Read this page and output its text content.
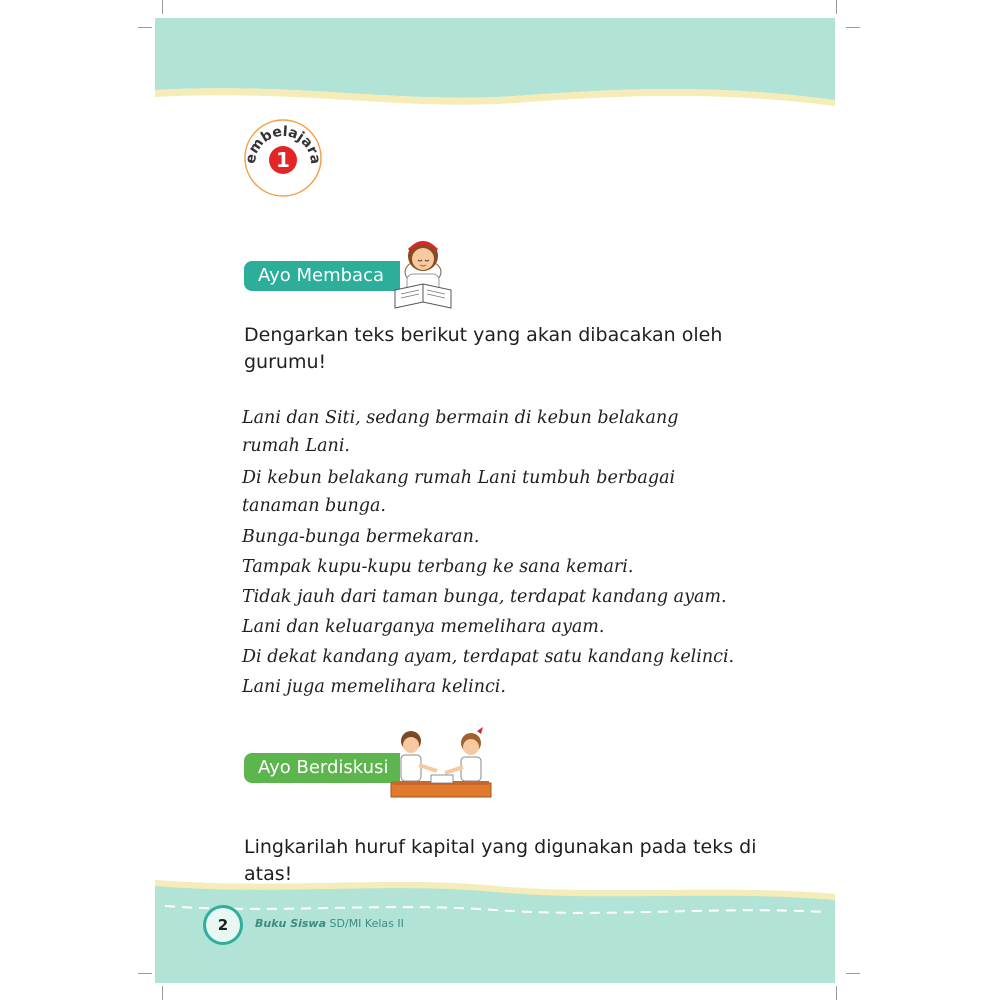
embelajara
1
Ayo Membaca
Dengarkan teks berikut yang akan dibacakan oleh gurumu!
Lani dan Siti, sedang bermain di kebun belakang rumah Lani.
Di kebun belakang rumah Lani tumbuh berbagai tanaman bunga.
Bunga-bunga bermekaran.
Tampak kupu-kupu terbang ke sana kemari.
Tidak jauh dari taman bunga, terdapat kandang ayam.
Lani dan keluarganya memelihara ayam.
Di dekat kandang ayam, terdapat satu kandang kelinci.
Lani juga memelihara kelinci.
Ayo Berdiskusi
Lingkarilah huruf kapital yang digunakan pada teks di atas!
2	Buku Siswa SD/MI Kelas II
